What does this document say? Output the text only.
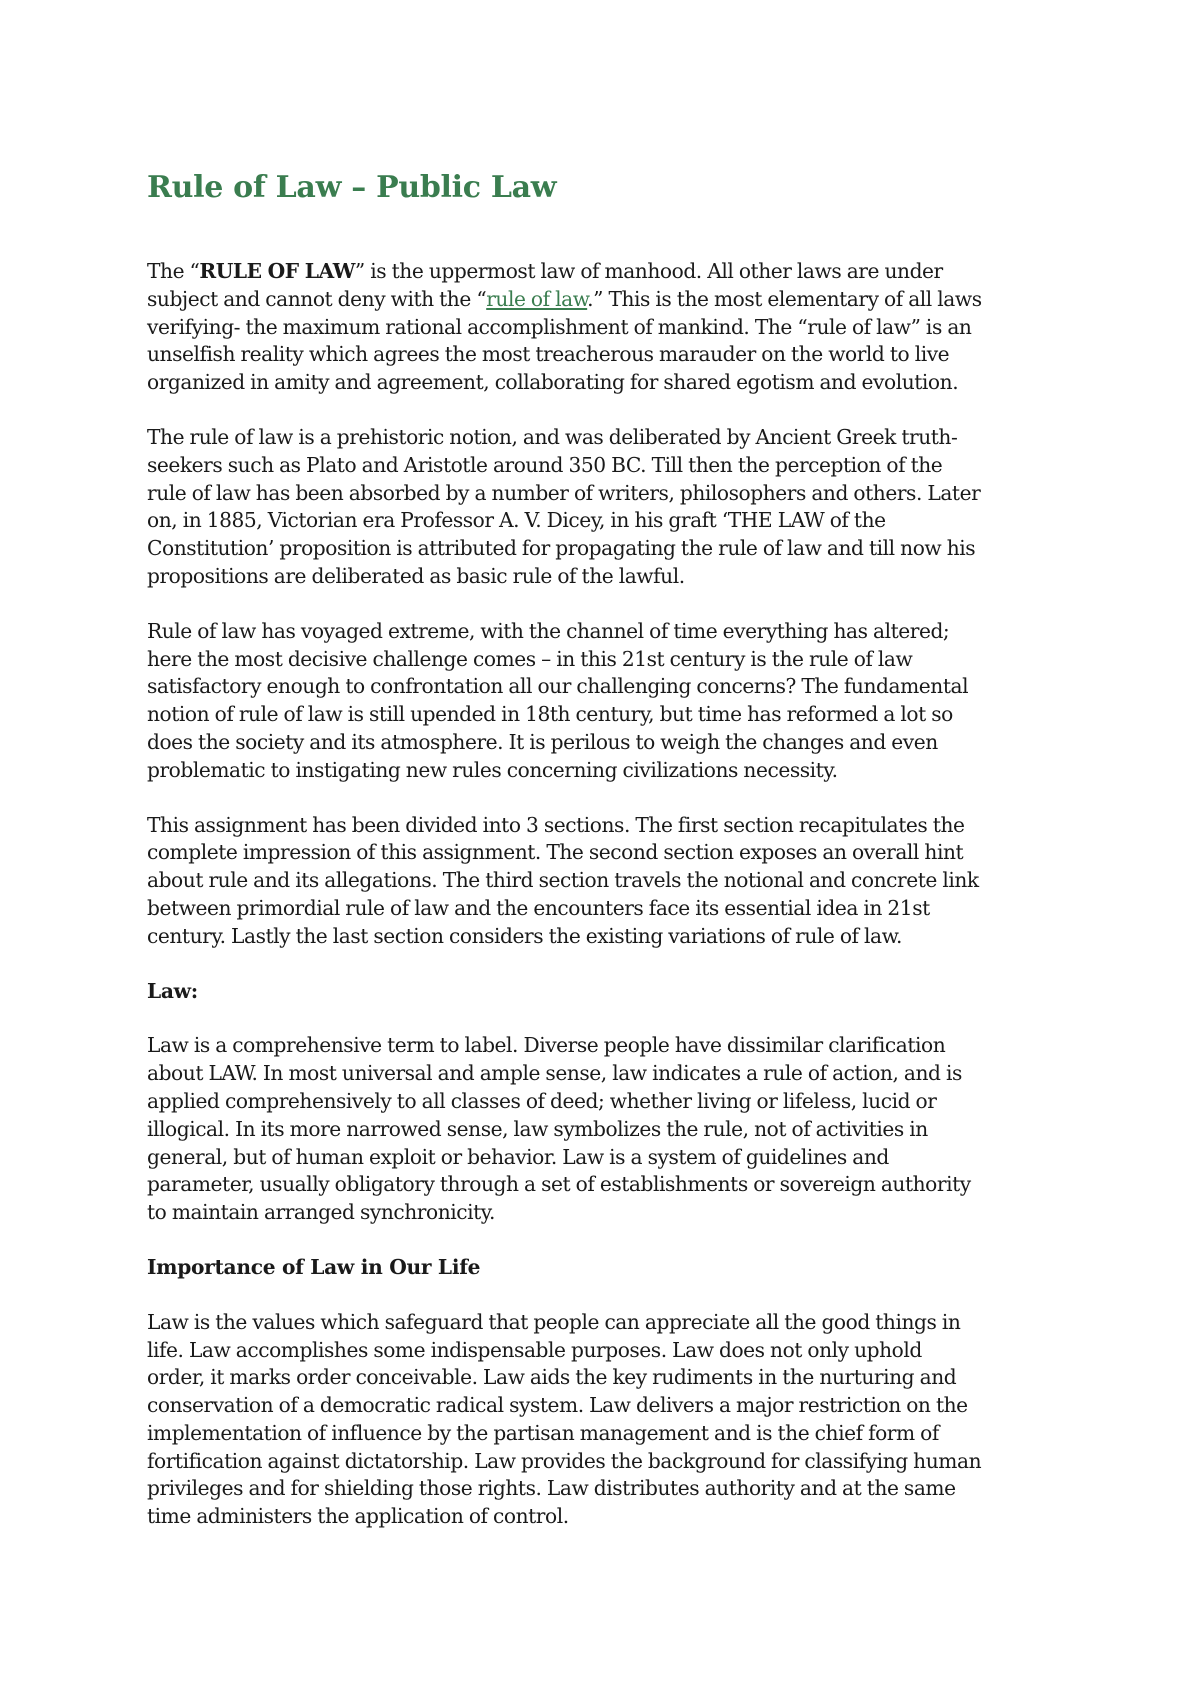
Rule of Law – Public Law

The “RULE OF LAW” is the uppermost law of manhood. All other laws are under
subject and cannot deny with the “rule of law.” This is the most elementary of all laws
verifying- the maximum rational accomplishment of mankind. The “rule of law” is an
unselfish reality which agrees the most treacherous marauder on the world to live
organized in amity and agreement, collaborating for shared egotism and evolution.

The rule of law is a prehistoric notion, and was deliberated by Ancient Greek truth-
seekers such as Plato and Aristotle around 350 BC. Till then the perception of the
rule of law has been absorbed by a number of writers, philosophers and others. Later
on, in 1885, Victorian era Professor A. V. Dicey, in his graft ‘THE LAW of the
Constitution’ proposition is attributed for propagating the rule of law and till now his
propositions are deliberated as basic rule of the lawful.

Rule of law has voyaged extreme, with the channel of time everything has altered;
here the most decisive challenge comes – in this 21st century is the rule of law
satisfactory enough to confrontation all our challenging concerns? The fundamental
notion of rule of law is still upended in 18th century, but time has reformed a lot so
does the society and its atmosphere. It is perilous to weigh the changes and even
problematic to instigating new rules concerning civilizations necessity.

This assignment has been divided into 3 sections. The first section recapitulates the
complete impression of this assignment. The second section exposes an overall hint
about rule and its allegations. The third section travels the notional and concrete link
between primordial rule of law and the encounters face its essential idea in 21st
century. Lastly the last section considers the existing variations of rule of law.

Law:

Law is a comprehensive term to label. Diverse people have dissimilar clarification
about LAW. In most universal and ample sense, law indicates a rule of action, and is
applied comprehensively to all classes of deed; whether living or lifeless, lucid or
illogical. In its more narrowed sense, law symbolizes the rule, not of activities in
general, but of human exploit or behavior. Law is a system of guidelines and
parameter, usually obligatory through a set of establishments or sovereign authority
to maintain arranged synchronicity.

Importance of Law in Our Life

Law is the values which safeguard that people can appreciate all the good things in
life. Law accomplishes some indispensable purposes. Law does not only uphold
order, it marks order conceivable. Law aids the key rudiments in the nurturing and
conservation of a democratic radical system. Law delivers a major restriction on the
implementation of influence by the partisan management and is the chief form of
fortification against dictatorship. Law provides the background for classifying human
privileges and for shielding those rights. Law distributes authority and at the same
time administers the application of control.
